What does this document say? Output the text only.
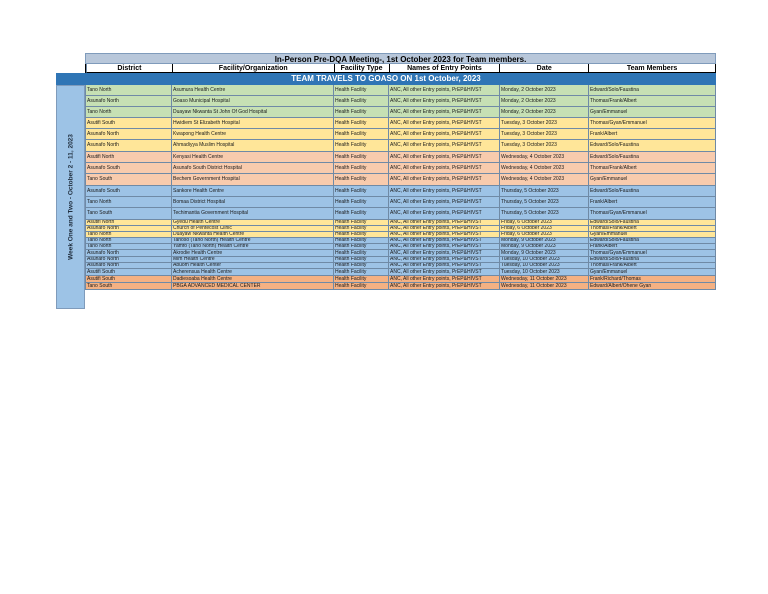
In-Person Pre-DQA Meeting-, 1st October 2023 for Team members.
District	Facility/Organization	Facility Type	Names of Entry Points	Date	Team Members
TEAM TRAVELS TO GOASO ON 1st October, 2023
Week One and Two - October 2 - 11, 2023
Tano North	Asumura Health Centre	Health Facility	ANC, All other Entry points, PrEP&HIVST	Monday, 2 October 2023	Edward/Solo/Faustina
Asunafo North	Goaso Municipal Hospital	Health Facility	ANC, All other Entry points, PrEP&HIVST	Monday, 2 October 2023	Thomas/Frank/Albert
Tano North	Duayaw Nkwanta St John Of God Hospital	Health Facility	ANC, All other Entry points, PrEP&HIVST	Monday, 2 October 2023	Gyan/Emmanuel
Asutifi South	Hwidiem St Elizabeth Hospital	Health Facility	ANC, All other Entry points, PrEP&HIVST	Tuesday, 3 October 2023	Thomas/Gyan/Emmanuel
Asunafo North	Kwapong Health Centre	Health Facility	ANC, All other Entry points, PrEP&HIVST	Tuesday, 3 October 2023	Frank/Albert
Asunafo North	Ahmadiyya Muslim Hospital	Health Facility	ANC, All other Entry points, PrEP&HIVST	Tuesday, 3 October 2023	Edward/Solo/Faustina
Asutifi North	Kenyasi Health Centre	Health Facility	ANC, All other Entry points, PrEP&HIVST	Wednesday, 4 October 2023	Edward/Solo/Faustina
Asunafo South	Asunafo South District Hospital	Health Facility	ANC, All other Entry points, PrEP&HIVST	Wednesday, 4 October 2023	Thomas/Frank/Albert
Tano South	Bechem Government Hospital	Health Facility	ANC, All other Entry points, PrEP&HIVST	Wednesday, 4 October 2023	Gyan/Emmanuel
Asunafo South	Sankore Health Centre	Health Facility	ANC, All other Entry points, PrEP&HIVST	Thursday, 5 October 2023	Edward/Solo/Faustina
Tano North	Bomaa District Hospital	Health Facility	ANC, All other Entry points, PrEP&HIVST	Thursday, 5 October 2023	Frank/Albert
Tano South	Techimantia Government Hospital	Health Facility	ANC, All other Entry points, PrEP&HIVST	Thursday, 5 October 2023	Thomas/Gyan/Emmanuel
Asutifi North	Gyedu Health Centre	Health Facility	ANC, All other Entry points, PrEP&HIVST	Friday, 6 October 2023	Edward/Solo/Faustina
Asunafo North	Church of Pentecost Clinic	Health Facility	ANC, All other Entry points, PrEP&HIVST	Friday, 6 October 2023	Thomas/Frank/Albert
Tano North	Duayaw Nkwanta Health Centre	Health Facility	ANC, All other Entry points, PrEP&HIVST	Friday, 6 October 2023	Gyan/Emmanuel
Tano North	Tanoso (Tano North) Health Centre	Health Facility	ANC, All other Entry points, PrEP&HIVST	Monday, 9 October 2023	Edward/Solo/Faustina
Tano North	Yamfo (Tano North) Health Centre	Health Facility	ANC, All other Entry points, PrEP&HIVST	Monday, 9 October 2023	Frank/Albert
Asunafo North	Akrodie Health Centre	Health Facility	ANC, All other Entry points, PrEP&HIVST	Monday, 9 October 2023	Thomas/Gyan/Emmanuel
Asunafo North	Mim Health Centre	Health Facility	ANC, All other Entry points, PrEP&HIVST	Tuesday, 10 October 2023	Edward/Solo/Faustina
Asunafo North	Abuom Health Center	Health Facility	ANC, All other Entry points, PrEP&HIVST	Tuesday, 10 October 2023	Thomas/Frank/Albert
Asutifi South	Acherensua Health Centre	Health Facility	ANC, All other Entry points, PrEP&HIVST	Tuesday, 10 October 2023	Gyan/Emmanuel
Asutifi South	Dadiesoaba Health Centre	Health Facility	ANC, All other Entry points, PrEP&HIVST	Wednesday, 11 October 2023	Frank/Richard/Thomas
Tano South	PBGA ADVANCED MEDICAL CENTER	Health Facility	ANC, All other Entry points, PrEP&HIVST	Wednesday, 11 October 2023	Edward/Albert/Ohene Gyan
